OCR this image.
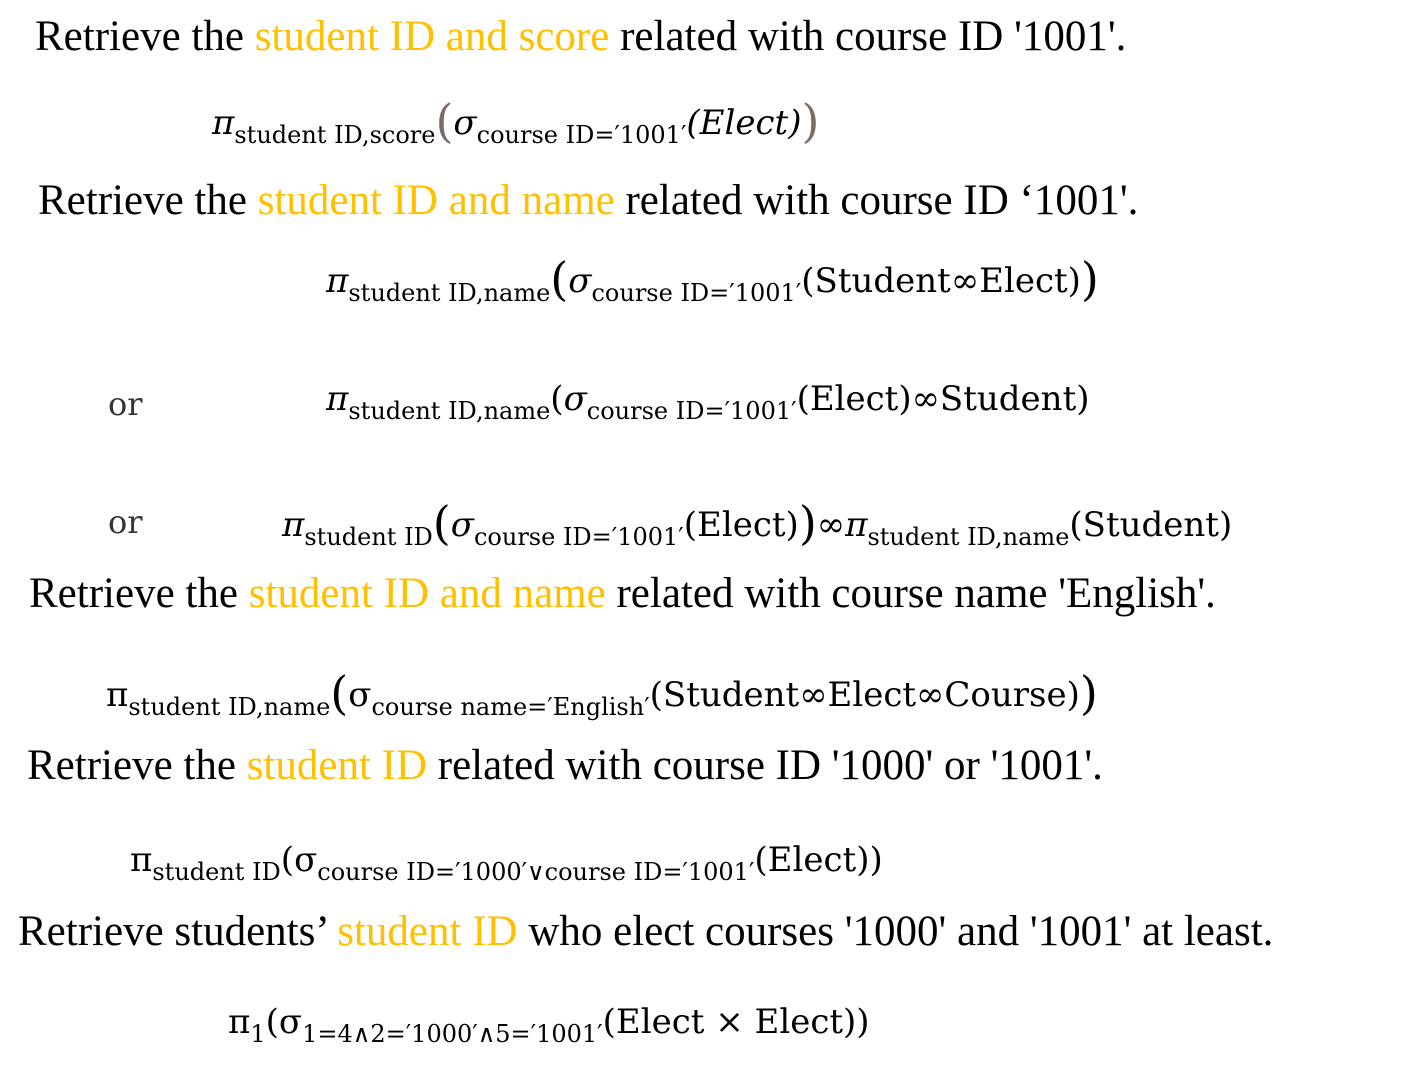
Retrieve the student ID and score related with course ID '1001'.
$\pi_{student ID,score}(\sigma_{course ID='1001'}(Elect))$
Retrieve the student ID and name related with course ID ‘1001'.
$\pi_{student ID,name}(\sigma_{course ID='1001'}(Student\infty Elect))$
or	$\pi_{student ID,name}(\sigma_{course ID='1001'}(Elect)\infty Student)$
or	$\pi_{student ID}(\sigma_{course ID='1001'}(Elect))\infty\pi_{student ID,name}(Student)$
Retrieve the student ID and name related with course name 'English'.
$\pi_{student ID,name}(\sigma_{course name='English'}(Student\infty Elect\infty Course))$
Retrieve the student ID related with course ID '1000' or '1001'.
$\pi_{student ID}(\sigma_{course ID='1000'\vee course ID='1001'}(Elect))$
Retrieve students’ student ID who elect courses '1000' and '1001' at least.
$\pi_1(\sigma_{1=4\wedge 2='1000'\wedge 5='1001'}(Elect$ × Elect))
